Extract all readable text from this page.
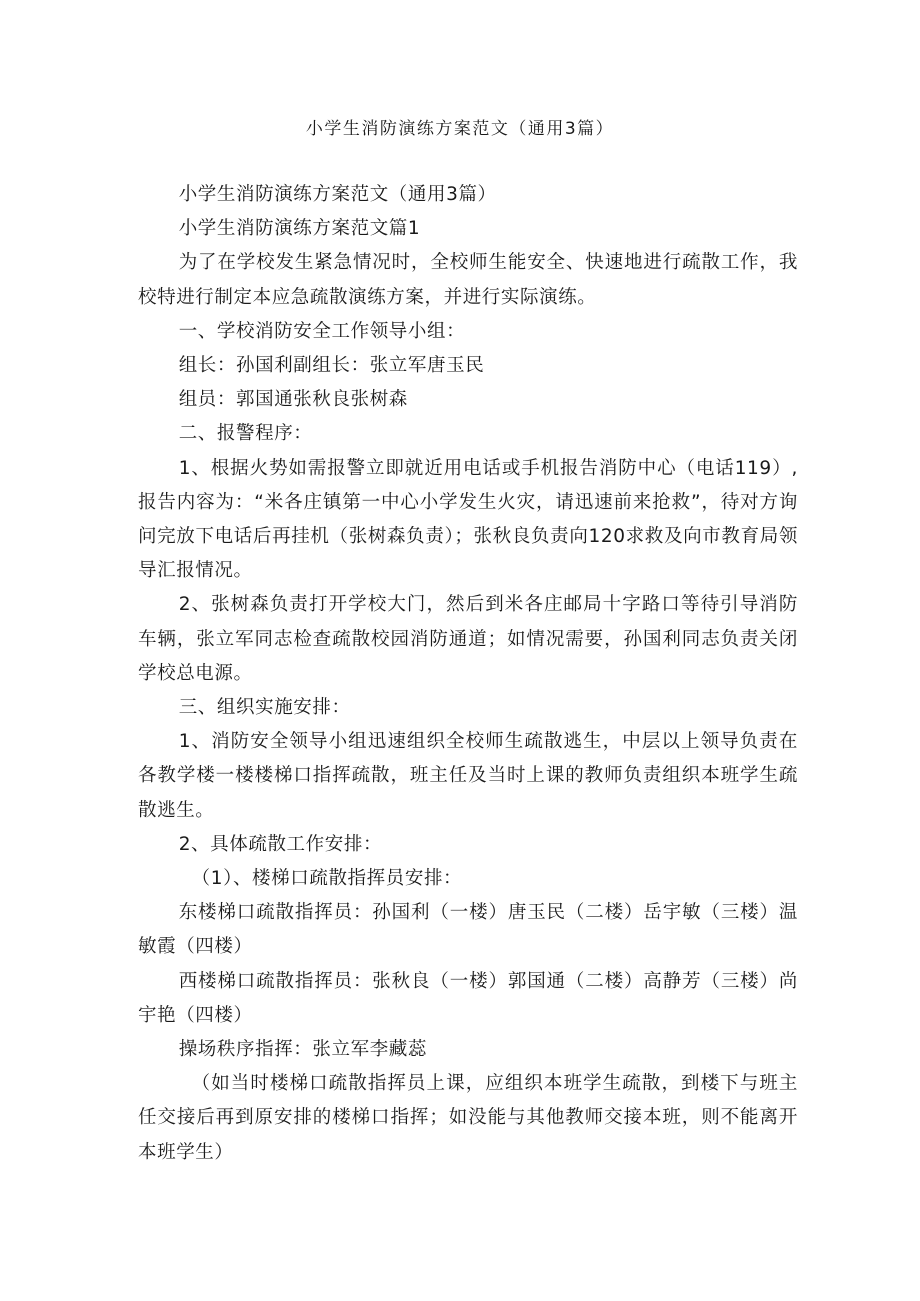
小学生消防演练方案范文（通用3篇）

小学生消防演练方案范文（通用3篇）

小学生消防演练方案范文篇1

为了在学校发生紧急情况时，全校师生能安全、快速地进行疏散工作，我校特进行制定本应急疏散演练方案，并进行实际演练。

一、学校消防安全工作领导小组：

组长：孙国利副组长：张立军唐玉民

组员：郭国通张秋良张树森

二、报警程序：

1、根据火势如需报警立即就近用电话或手机报告消防中心（电话119）,报告内容为：“米各庄镇第一中心小学发生火灾，请迅速前来抢救”，待对方询问完放下电话后再挂机（张树森负责）；张秋良负责向120求救及向市教育局领导汇报情况。

2、张树森负责打开学校大门，然后到米各庄邮局十字路口等待引导消防车辆，张立军同志检查疏散校园消防通道；如情况需要，孙国利同志负责关闭学校总电源。

三、组织实施安排：

1、消防安全领导小组迅速组织全校师生疏散逃生，中层以上领导负责在各教学楼一楼楼梯口指挥疏散，班主任及当时上课的教师负责组织本班学生疏散逃生。

2、具体疏散工作安排：

（1）、楼梯口疏散指挥员安排：

东楼梯口疏散指挥员：孙国利（一楼）唐玉民（二楼）岳宇敏（三楼）温敏霞（四楼）

西楼梯口疏散指挥员：张秋良（一楼）郭国通（二楼）高静芳（三楼）尚宇艳（四楼）

操场秩序指挥：张立军李藏蕊

（如当时楼梯口疏散指挥员上课，应组织本班学生疏散，到楼下与班主任交接后再到原安排的楼梯口指挥；如没能与其他教师交接本班，则不能离开本班学生）
